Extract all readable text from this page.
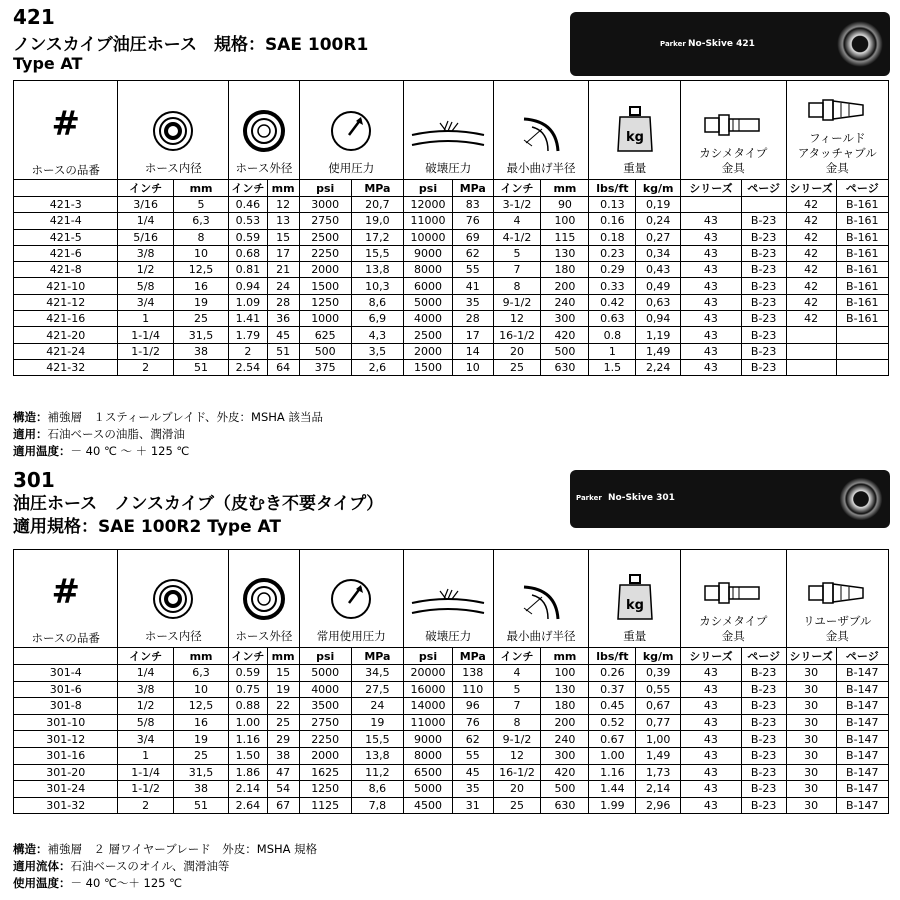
421
ノンスカイブ油圧ホース　規格：SAE 100R1
Type AT
Parker No-Skive 421
#
ホースの品番	ホース内径		ホース外径		使用圧力		破壊圧力		最小曲げ半径		kg
重量		カシメタイプ
金具		フィールド
アタッチャブル
金具	

	インチ	mm	インチ	mm	psi	MPa	psi	MPa	インチ	mm	lbs/ft	kg/m	シリーズ	ページ	シリーズ	ページ
421-3	3/16	5	0.46	12	3000	20,7	12000	83	3-1/2	90	0.13	0,19			42	B-161
421-4	1/4	6,3	0.53	13	2750	19,0	11000	76	4	100	0.16	0,24	43	B-23	42	B-161
421-5	5/16	8	0.59	15	2500	17,2	10000	69	4-1/2	115	0.18	0,27	43	B-23	42	B-161
421-6	3/8	10	0.68	17	2250	15,5	9000	62	5	130	0.23	0,34	43	B-23	42	B-161
421-8	1/2	12,5	0.81	21	2000	13,8	8000	55	7	180	0.29	0,43	43	B-23	42	B-161
421-10	5/8	16	0.94	24	1500	10,3	6000	41	8	200	0.33	0,49	43	B-23	42	B-161
421-12	3/4	19	1.09	28	1250	8,6	5000	35	9-1/2	240	0.42	0,63	43	B-23	42	B-161
421-16	1	25	1.41	36	1000	6,9	4000	28	12	300	0.63	0,94	43	B-23	42	B-161
421-20	1-1/4	31,5	1.79	45	625	4,3	2500	17	16-1/2	420	0.8	1,19	43	B-23		
421-24	1-1/2	38	2	51	500	3,5	2000	14	20	500	1	1,49	43	B-23		
421-32	2	51	2.54	64	375	2,6	1500	10	25	630	1.5	2,24	43	B-23		
構造：補強層　１スティールブレイド、外皮：MSHA 該当品
適用：石油ベースの油脂、潤滑油
適用温度：－ 40 ℃ ～ ＋ 125 ℃
301
油圧ホース　ノンスカイブ（皮むき不要タイプ）
適用規格：SAE 100R2 Type AT
Parker No-Skive 301
#
ホースの品番	ホース内径		ホース外径		常用使用圧力		破壊圧力		最小曲げ半径		kg
重量		カシメタイプ
金具		リユーザブル
金具	

	インチ	mm	インチ	mm	psi	MPa	psi	MPa	インチ	mm	lbs/ft	kg/m	シリーズ	ページ	シリーズ	ページ
301-4	1/4	6,3	0.59	15	5000	34,5	20000	138	4	100	0.26	0,39	43	B-23	30	B-147
301-6	3/8	10	0.75	19	4000	27,5	16000	110	5	130	0.37	0,55	43	B-23	30	B-147
301-8	1/2	12,5	0.88	22	3500	24	14000	96	7	180	0.45	0,67	43	B-23	30	B-147
301-10	5/8	16	1.00	25	2750	19	11000	76	8	200	0.52	0,77	43	B-23	30	B-147
301-12	3/4	19	1.16	29	2250	15,5	9000	62	9-1/2	240	0.67	1,00	43	B-23	30	B-147
301-16	1	25	1.50	38	2000	13,8	8000	55	12	300	1.00	1,49	43	B-23	30	B-147
301-20	1-1/4	31,5	1.86	47	1625	11,2	6500	45	16-1/2	420	1.16	1,73	43	B-23	30	B-147
301-24	1-1/2	38	2.14	54	1250	8,6	5000	35	20	500	1.44	2,14	43	B-23	30	B-147
301-32	2	51	2.64	67	1125	7,8	4500	31	25	630	1.99	2,96	43	B-23	30	B-147
構造：補強層　２ 層ワイヤーブレード　外皮：MSHA 規格
適用流体：石油ベースのオイル、潤滑油等
使用温度：－ 40 ℃～＋ 125 ℃
